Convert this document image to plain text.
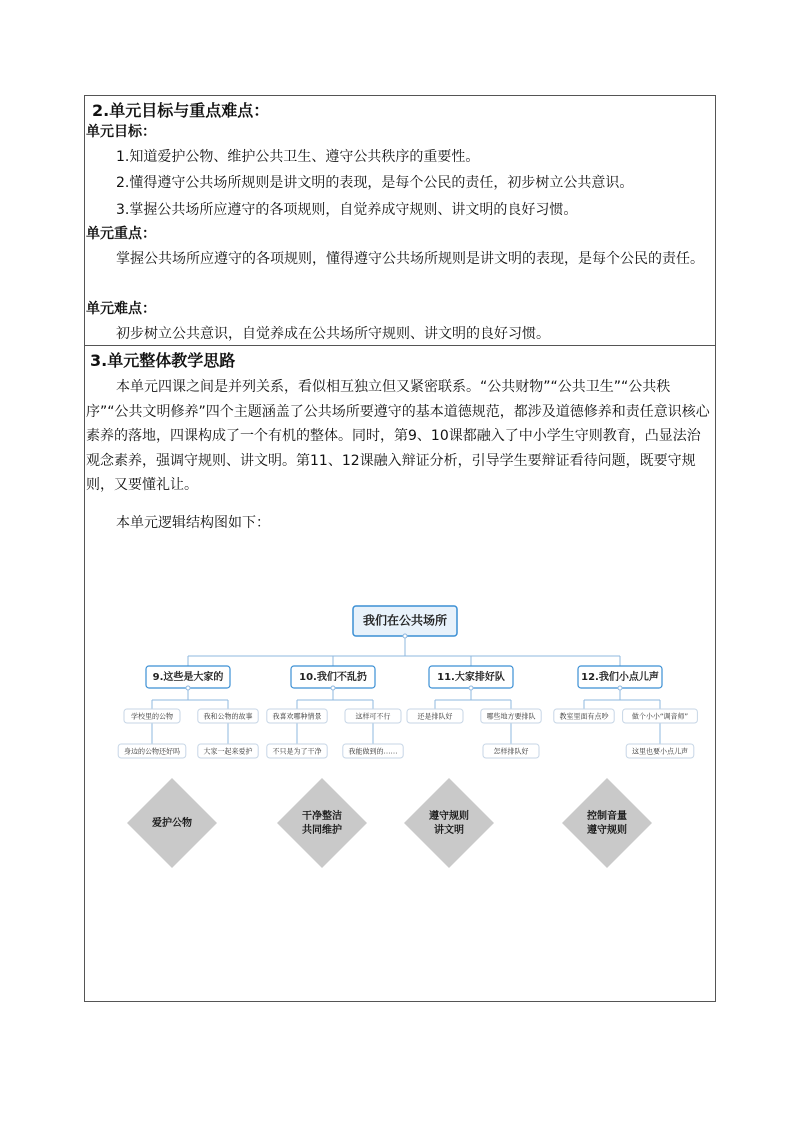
2.单元目标与重点难点：
单元目标：
1.知道爱护公物、维护公共卫生、遵守公共秩序的重要性。
2.懂得遵守公共场所规则是讲文明的表现，是每个公民的责任，初步树立公共意识。
3.掌握公共场所应遵守的各项规则，自觉养成守规则、讲文明的良好习惯。
单元重点：
掌握公共场所应遵守的各项规则，懂得遵守公共场所规则是讲文明的表现，是每个公民的责任。
单元难点：
初步树立公共意识，自觉养成在公共场所守规则、讲文明的良好习惯。
3.单元整体教学思路
本单元四课之间是并列关系，看似相互独立但又紧密联系。“公共财物”“公共卫生”“公共秩序”“公共文明修养”四个主题涵盖了公共场所要遵守的基本道德规范，都涉及道德修养和责任意识核心素养的落地，四课构成了一个有机的整体。同时，第9、10课都融入了中小学生守则教育，凸显法治观念素养，强调守规则、讲文明。第11、12课融入辩证分析，引导学生要辩证看待问题，既要守规则，又要懂礼让。
本单元逻辑结构图如下：
我们在公共场所
9.这些是大家的
学校里的公物	我和公物的故事
身边的公物还好吗	大家一起来爱护
爱护公物
10.我们不乱扔
我喜欢哪种情景	这样可不行
不只是为了干净	我能做到的……
干净整洁
共同维护
11.大家排好队
还是排队好	哪些地方要排队
怎样排队好
遵守规则
讲文明
12.我们小点儿声
教室里面有点吵	做个小小“调音师”
这里也要小点儿声
控制音量
遵守规则
